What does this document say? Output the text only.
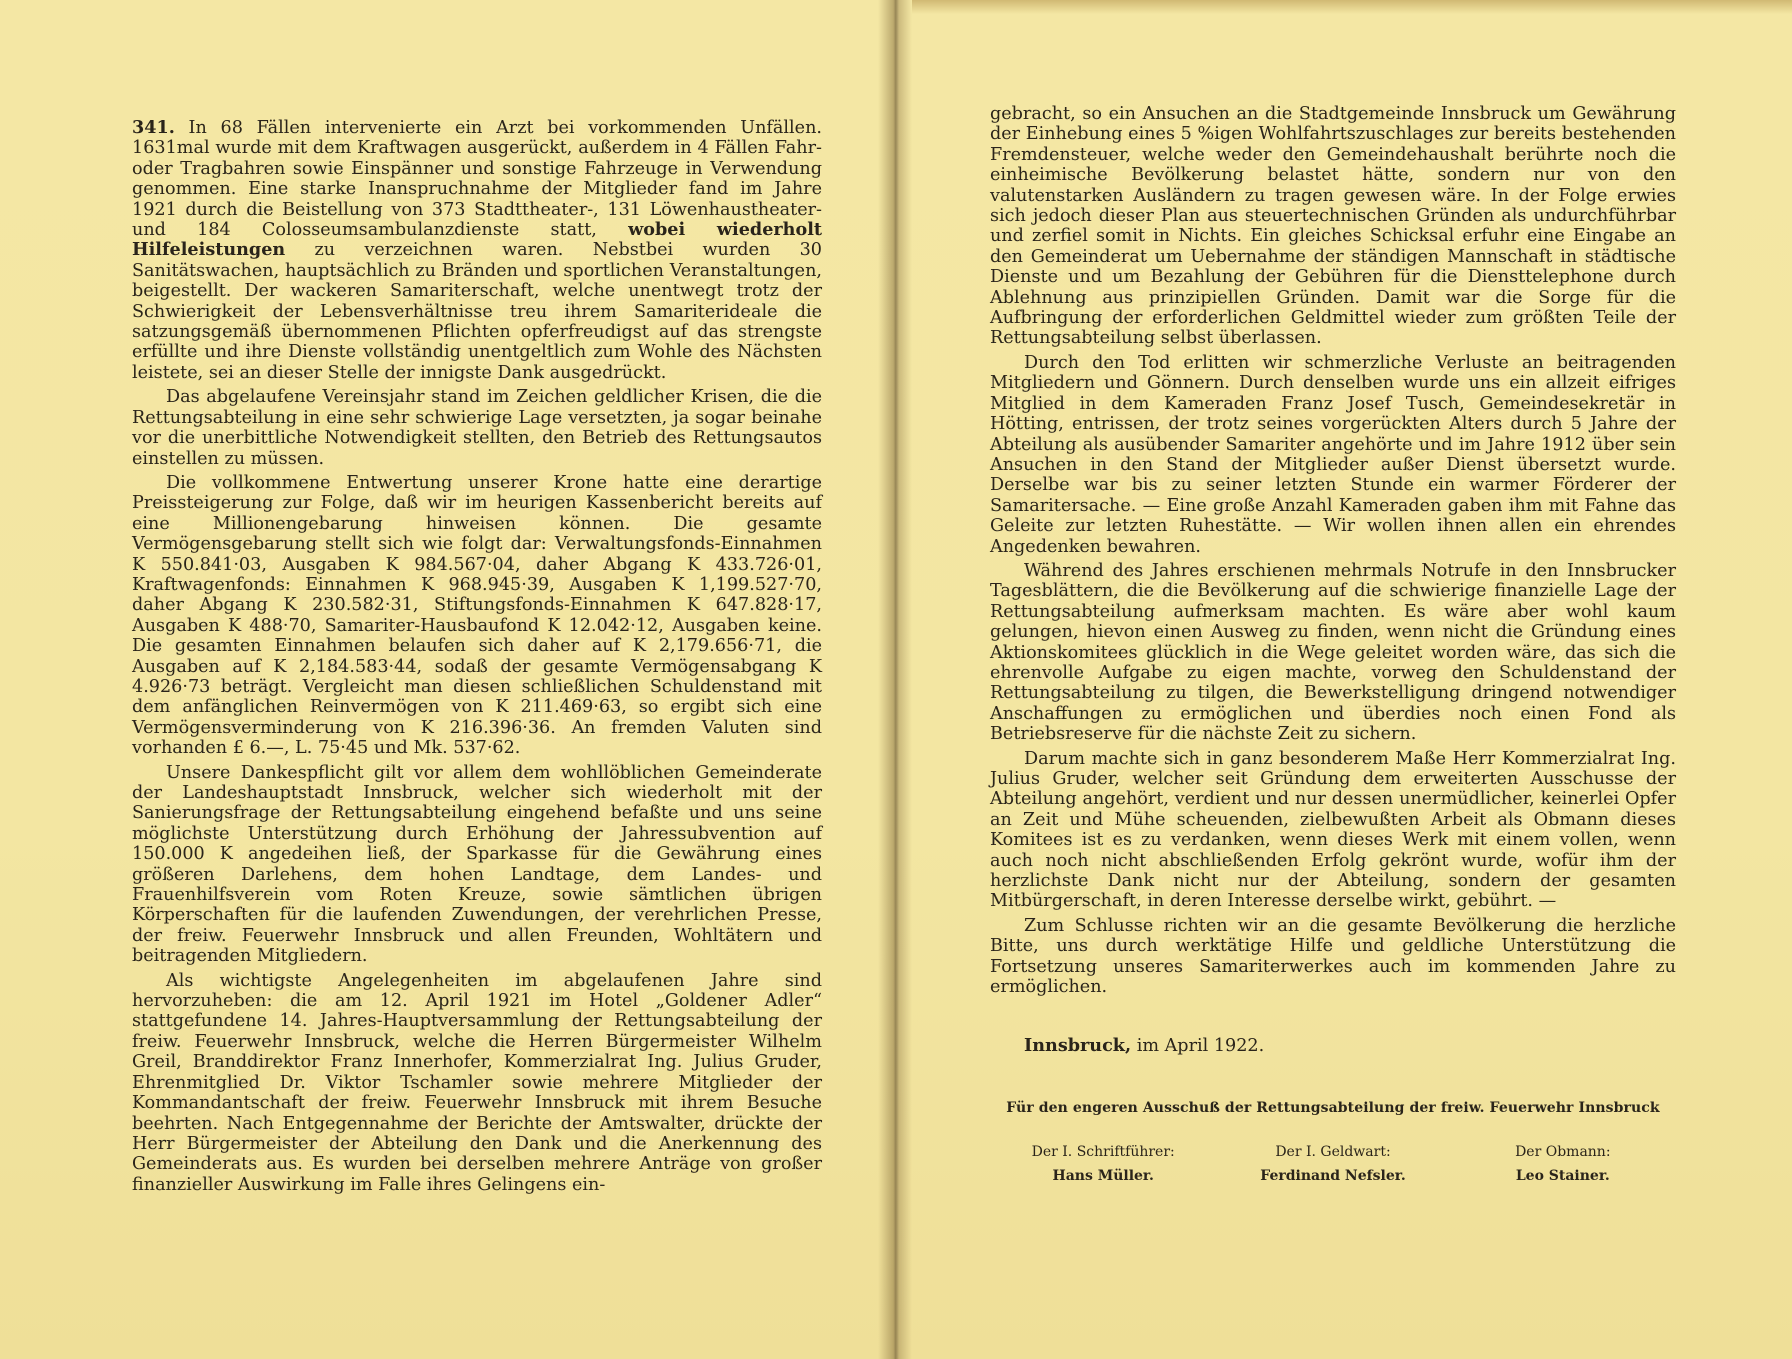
341. In 68 Fällen intervenierte ein Arzt bei vorkommenden Unfällen. 1631mal wurde mit dem Kraftwagen ausgerückt, außerdem in 4 Fällen Fahr- oder Tragbahren sowie Einspänner und sonstige Fahrzeuge in Verwendung genommen. Eine starke Inanspruchnahme der Mitglieder fand im Jahre 1921 durch die Beistellung von 373 Stadttheater-, 131 Löwenhaustheater- und 184 Colosseumsambulanzdienste statt, wobei wiederholt Hilfeleistungen zu verzeichnen waren. Nebstbei wurden 30 Sanitätswachen, hauptsächlich zu Bränden und sportlichen Veranstaltungen, beigestellt. Der wackeren Samariterschaft, welche unentwegt trotz der Schwierigkeit der Lebensverhältnisse treu ihrem Samariterideale die satzungsgemäß übernommenen Pflichten opferfreudigst auf das strengste erfüllte und ihre Dienste vollständig unentgeltlich zum Wohle des Nächsten leistete, sei an dieser Stelle der innigste Dank ausgedrückt.

Das abgelaufene Vereinsjahr stand im Zeichen geldlicher Krisen, die die Rettungsabteilung in eine sehr schwierige Lage versetzten, ja sogar beinahe vor die unerbittliche Notwendigkeit stellten, den Betrieb des Rettungsautos einstellen zu müssen.

Die vollkommene Entwertung unserer Krone hatte eine derartige Preissteigerung zur Folge, daß wir im heurigen Kassenbericht bereits auf eine Millionengebarung hinweisen können. Die gesamte Vermögensgebarung stellt sich wie folgt dar: Verwaltungsfonds-Einnahmen K 550.841·03, Ausgaben K 984.567·04, daher Abgang K 433.726·01, Kraftwagenfonds: Einnahmen K 968.945·39, Ausgaben K 1,199.527·70, daher Abgang K 230.582·31, Stiftungsfonds-Einnahmen K 647.828·17, Ausgaben K 488·70, Samariter-Hausbaufond K 12.042·12, Ausgaben keine. Die gesamten Einnahmen belaufen sich daher auf K 2,179.656·71, die Ausgaben auf K 2,184.583·44, sodaß der gesamte Vermögensabgang K 4.926·73 beträgt. Vergleicht man diesen schließlichen Schuldenstand mit dem anfänglichen Reinvermögen von K 211.469·63, so ergibt sich eine Vermögensverminderung von K 216.396·36. An fremden Valuten sind vorhanden £ 6.—, L. 75·45 und Mk. 537·62.

Unsere Dankespflicht gilt vor allem dem wohllöblichen Gemeinderate der Landeshauptstadt Innsbruck, welcher sich wiederholt mit der Sanierungsfrage der Rettungsabteilung eingehend befaßte und uns seine möglichste Unterstützung durch Erhöhung der Jahressubvention auf 150.000 K angedeihen ließ, der Sparkasse für die Gewährung eines größeren Darlehens, dem hohen Landtage, dem Landes- und Frauenhilfsverein vom Roten Kreuze, sowie sämtlichen übrigen Körperschaften für die laufenden Zuwendungen, der verehrlichen Presse, der freiw. Feuerwehr Innsbruck und allen Freunden, Wohltätern und beitragenden Mitgliedern.

Als wichtigste Angelegenheiten im abgelaufenen Jahre sind hervorzuheben: die am 12. April 1921 im Hotel „Goldener Adler“ stattgefundene 14. Jahres-Hauptversammlung der Rettungsabteilung der freiw. Feuerwehr Innsbruck, welche die Herren Bürgermeister Wilhelm Greil, Branddirektor Franz Innerhofer, Kommerzialrat Ing. Julius Gruder, Ehrenmitglied Dr. Viktor Tschamler sowie mehrere Mitglieder der Kommandantschaft der freiw. Feuerwehr Innsbruck mit ihrem Besuche beehrten. Nach Entgegennahme der Berichte der Amtswalter, drückte der Herr Bürgermeister der Abteilung den Dank und die Anerkennung des Gemeinderats aus. Es wurden bei derselben mehrere Anträge von großer finanzieller Auswirkung im Falle ihres Gelingens ein-

gebracht, so ein Ansuchen an die Stadtgemeinde Innsbruck um Gewährung der Einhebung eines 5 %igen Wohlfahrtszuschlages zur bereits bestehenden Fremdensteuer, welche weder den Gemeindehaushalt berührte noch die einheimische Bevölkerung belastet hätte, sondern nur von den valutenstarken Ausländern zu tragen gewesen wäre. In der Folge erwies sich jedoch dieser Plan aus steuertechnischen Gründen als undurchführbar und zerfiel somit in Nichts. Ein gleiches Schicksal erfuhr eine Eingabe an den Gemeinderat um Uebernahme der ständigen Mannschaft in städtische Dienste und um Bezahlung der Gebühren für die Diensttelephone durch Ablehnung aus prinzipiellen Gründen. Damit war die Sorge für die Aufbringung der erforderlichen Geldmittel wieder zum größten Teile der Rettungsabteilung selbst überlassen.

Durch den Tod erlitten wir schmerzliche Verluste an beitragenden Mitgliedern und Gönnern. Durch denselben wurde uns ein allzeit eifriges Mitglied in dem Kameraden Franz Josef Tusch, Gemeindesekretär in Hötting, entrissen, der trotz seines vorgerückten Alters durch 5 Jahre der Abteilung als ausübender Samariter angehörte und im Jahre 1912 über sein Ansuchen in den Stand der Mitglieder außer Dienst übersetzt wurde. Derselbe war bis zu seiner letzten Stunde ein warmer Förderer der Samaritersache. — Eine große Anzahl Kameraden gaben ihm mit Fahne das Geleite zur letzten Ruhestätte. — Wir wollen ihnen allen ein ehrendes Angedenken bewahren.

Während des Jahres erschienen mehrmals Notrufe in den Innsbrucker Tagesblättern, die die Bevölkerung auf die schwierige finanzielle Lage der Rettungsabteilung aufmerksam machten. Es wäre aber wohl kaum gelungen, hievon einen Ausweg zu finden, wenn nicht die Gründung eines Aktionskomitees glücklich in die Wege geleitet worden wäre, das sich die ehrenvolle Aufgabe zu eigen machte, vorweg den Schuldenstand der Rettungsabteilung zu tilgen, die Bewerkstelligung dringend notwendiger Anschaffungen zu ermöglichen und überdies noch einen Fond als Betriebsreserve für die nächste Zeit zu sichern.

Darum machte sich in ganz besonderem Maße Herr Kommerzialrat Ing. Julius Gruder, welcher seit Gründung dem erweiterten Ausschusse der Abteilung angehört, verdient und nur dessen unermüdlicher, keinerlei Opfer an Zeit und Mühe scheuenden, zielbewußten Arbeit als Obmann dieses Komitees ist es zu verdanken, wenn dieses Werk mit einem vollen, wenn auch noch nicht abschließenden Erfolg gekrönt wurde, wofür ihm der herzlichste Dank nicht nur der Abteilung, sondern der gesamten Mitbürgerschaft, in deren Interesse derselbe wirkt, gebührt. —

Zum Schlusse richten wir an die gesamte Bevölkerung die herzliche Bitte, uns durch werktätige Hilfe und geldliche Unterstützung die Fortsetzung unseres Samariterwerkes auch im kommenden Jahre zu ermöglichen.

Innsbruck, im April 1922.
Für den engeren Ausschuß der Rettungsabteilung der freiw. Feuerwehr Innsbruck
Der I. Schriftführer:
Hans Müller.
Der I. Geldwart:
Ferdinand Nefsler.
Der Obmann:
Leo Stainer.
